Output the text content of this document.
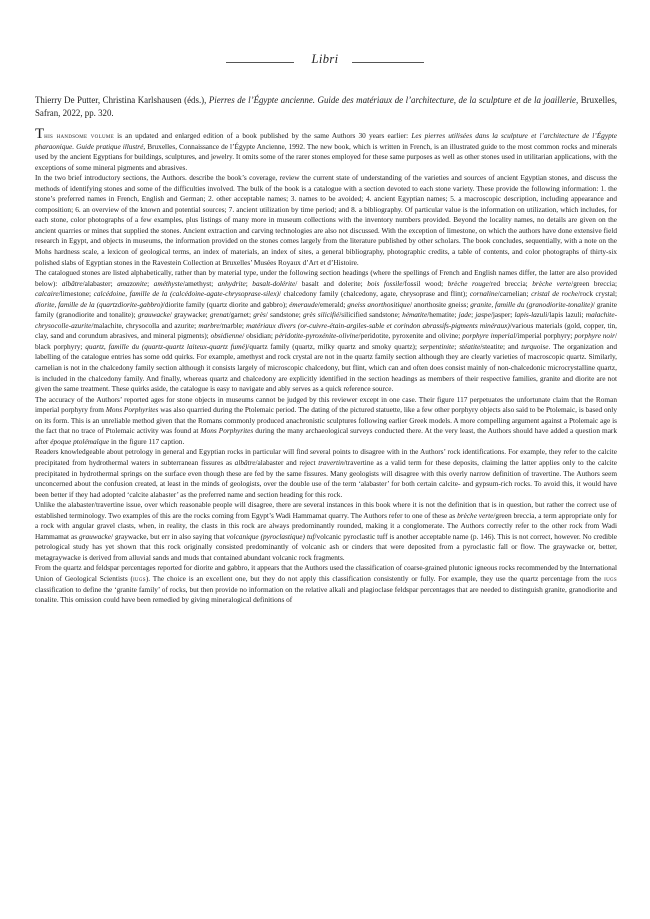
Libri
Thierry De Putter, Christina Karlshausen (éds.), Pierres de l’Égypte ancienne. Guide des matériaux de l’architecture, de la sculpture et de la joaillerie, Bruxelles, Safran, 2022, pp. 320.

This handsome volume is an updated and enlarged edition of a book published by the same Authors 30 years earlier: Les pierres utilisées dans la sculpture et l’architecture de l’Égypte pharaonique. Guide pratique illustré, Bruxelles, Connaissance de l’Égypte Ancienne, 1992. The new book, which is written in French, is an illustrated guide to the most common rocks and minerals used by the ancient Egyptians for buildings, sculptures, and jewelry. It omits some of the rarer stones employed for these same purposes as well as other stones used in utilitarian applications, with the exceptions of some mineral pigments and abrasives.

In the two brief introductory sections, the Authors. describe the book’s coverage, review the current state of understanding of the varieties and sources of ancient Egyptian stones, and discuss the methods of identifying stones and some of the difficulties involved. The bulk of the book is a catalogue with a section devoted to each stone variety. These provide the following information: 1. the stone’s preferred names in French, English and German; 2. other acceptable names; 3. names to be avoided; 4. ancient Egyptian names; 5. a macroscopic description, including appearance and composition; 6. an overview of the known and potential sources; 7. ancient utilization by time period; and 8. a bibliography. Of particular value is the information on utilization, which includes, for each stone, color photographs of a few examples, plus listings of many more in museum collections with the inventory numbers provided. Beyond the locality names, no details are given on the ancient quarries or mines that supplied the stones. Ancient extraction and carving technologies are also not discussed. With the exception of limestone, on which the authors have done extensive field research in Egypt, and objects in museums, the information provided on the stones comes largely from the literature published by other scholars. The book concludes, sequentially, with a note on the Mohs hardness scale, a lexicon of geological terms, an index of materials, an index of sites, a general bibliography, photographic credits, a table of contents, and color photographs of thirty-six polished slabs of Egyptian stones in the Ravestein Collection at Bruxelles’ Musées Royaux d’Art et d’Histoire.

The catalogued stones are listed alphabetically, rather than by material type, under the following section headings (where the spellings of French and English names differ, the latter are also provided below): albâtre/alabaster; amazonite; améthyste/amethyst; anhydrite; basalt-dolérite/ basalt and dolerite; bois fossile/fossil wood; brèche rouge/red breccia; brèche verte/green breccia; calcaire/limestone; calcédoine, famille de la (calcédoine-agate-chrysoprase-silex)/ chalcedony family (chalcedony, agate, chrysoprase and flint); cornaline/carnelian; cristal de roche/rock crystal; diorite, famille de la (quartzdiorite-gabbro)/diorite family (quartz diorite and gabbro); émeraude/emerald; gneiss anorthositique/ anorthosite gneiss; granite, famille du (granodiorite-tonalite)/ granite family (granodiorite and tonalite); grauwacke/ graywacke; grenat/garnet; grès/ sandstone; grès silicifié/silicified sandstone; hématite/hematite; jade; jaspe/jasper; lapis-lazuli/lapis lazuli; malachite-chrysocolle-azurite/malachite, chrysocolla and azurite; marbre/marble; matériaux divers (or-cuivre-étain-argiles-sable et corindon abrassifs-pigments minéraux)/various materials (gold, copper, tin, clay, sand and corundum abrasives, and mineral pigments); obsidienne/ obsidian; péridotite-pyroxénite-olivine/peridotite, pyroxenite and olivine; porphyre imperial/imperial porphyry; porphyre noir/ black porphyry; quartz, famille du (quartz-quartz laiteux-quartz fumé)/quartz family (quartz, milky quartz and smoky quartz); serpentinite; stéatite/steatite; and turquoise. The organization and labelling of the catalogue entries has some odd quirks. For example, amethyst and rock crystal are not in the quartz family section although they are clearly varieties of macroscopic quartz. Similarly, carnelian is not in the chalcedony family section although it consists largely of microscopic chalcedony, but flint, which can and often does consist mainly of non-chalcedonic microcrystalline quartz, is included in the chalcedony family. And finally, whereas quartz and chalcedony are explicitly identified in the section headings as members of their respective families, granite and diorite are not given the same treatment. These quirks aside, the catalogue is easy to navigate and ably serves as a quick reference source.

The accuracy of the Authors’ reported ages for stone objects in museums cannot be judged by this reviewer except in one case. Their figure 117 perpetuates the unfortunate claim that the Roman imperial porphyry from Mons Porphyrites was also quarried during the Ptolemaic period. The dating of the pictured statuette, like a few other porphyry objects also said to be Ptolemaic, is based only on its form. This is an unreliable method given that the Romans commonly produced anachronistic sculptures following earlier Greek models. A more compelling argument against a Ptolemaic age is the fact that no trace of Ptolemaic activity was found at Mons Porphyrites during the many archaeological surveys conducted there. At the very least, the Authors should have added a question mark after époque ptolémaïque in the figure 117 caption.

Readers knowledgeable about petrology in general and Egyptian rocks in particular will find several points to disagree with in the Authors’ rock identifications. For example, they refer to the calcite precipitated from hydrothermal waters in subterranean fissures as albâtre/alabaster and reject travertin/travertine as a valid term for these deposits, claiming the latter applies only to the calcite precipitated in hydrothermal springs on the surface even though these are fed by the same fissures. Many geologists will disagree with this overly narrow definition of travertine. The Authors seem unconcerned about the confusion created, at least in the minds of geologists, over the double use of the term ‘alabaster’ for both certain calcite- and gypsum-rich rocks. To avoid this, it would have been better if they had adopted ‘calcite alabaster’ as the preferred name and section heading for this rock.

Unlike the alabaster/travertine issue, over which reasonable people will disagree, there are several instances in this book where it is not the definition that is in question, but rather the correct use of established terminology. Two examples of this are the rocks coming from Egypt’s Wadi Hammamat quarry. The Authors refer to one of these as brèche verte/green breccia, a term appropriate only for a rock with angular gravel clasts, when, in reality, the clasts in this rock are always predominantly rounded, making it a conglomerate. The Authors correctly refer to the other rock from Wadi Hammamat as grauwacke/ graywacke, but err in also saying that volcanique (pyroclastique) tuf/volcanic pyroclastic tuff is another acceptable name (p. 146). This is not correct, however. No credible petrological study has yet shown that this rock originally consisted predominantly of volcanic ash or cinders that were deposited from a pyroclastic fall or flow. The graywacke or, better, metagraywacke is derived from alluvial sands and muds that contained abundant volcanic rock fragments.

From the quartz and feldspar percentages reported for diorite and gabbro, it appears that the Authors used the classification of coarse-grained plutonic igneous rocks recommended by the International Union of Geological Scientists (iugs). The choice is an excellent one, but they do not apply this classification consistently or fully. For example, they use the quartz percentage from the iugs classification to define the ‘granite family’ of rocks, but then provide no information on the relative alkali and plagioclase feldspar percentages that are needed to distinguish granite, granodiorite and tonalite. This omission could have been remedied by giving mineralogical definitions of
